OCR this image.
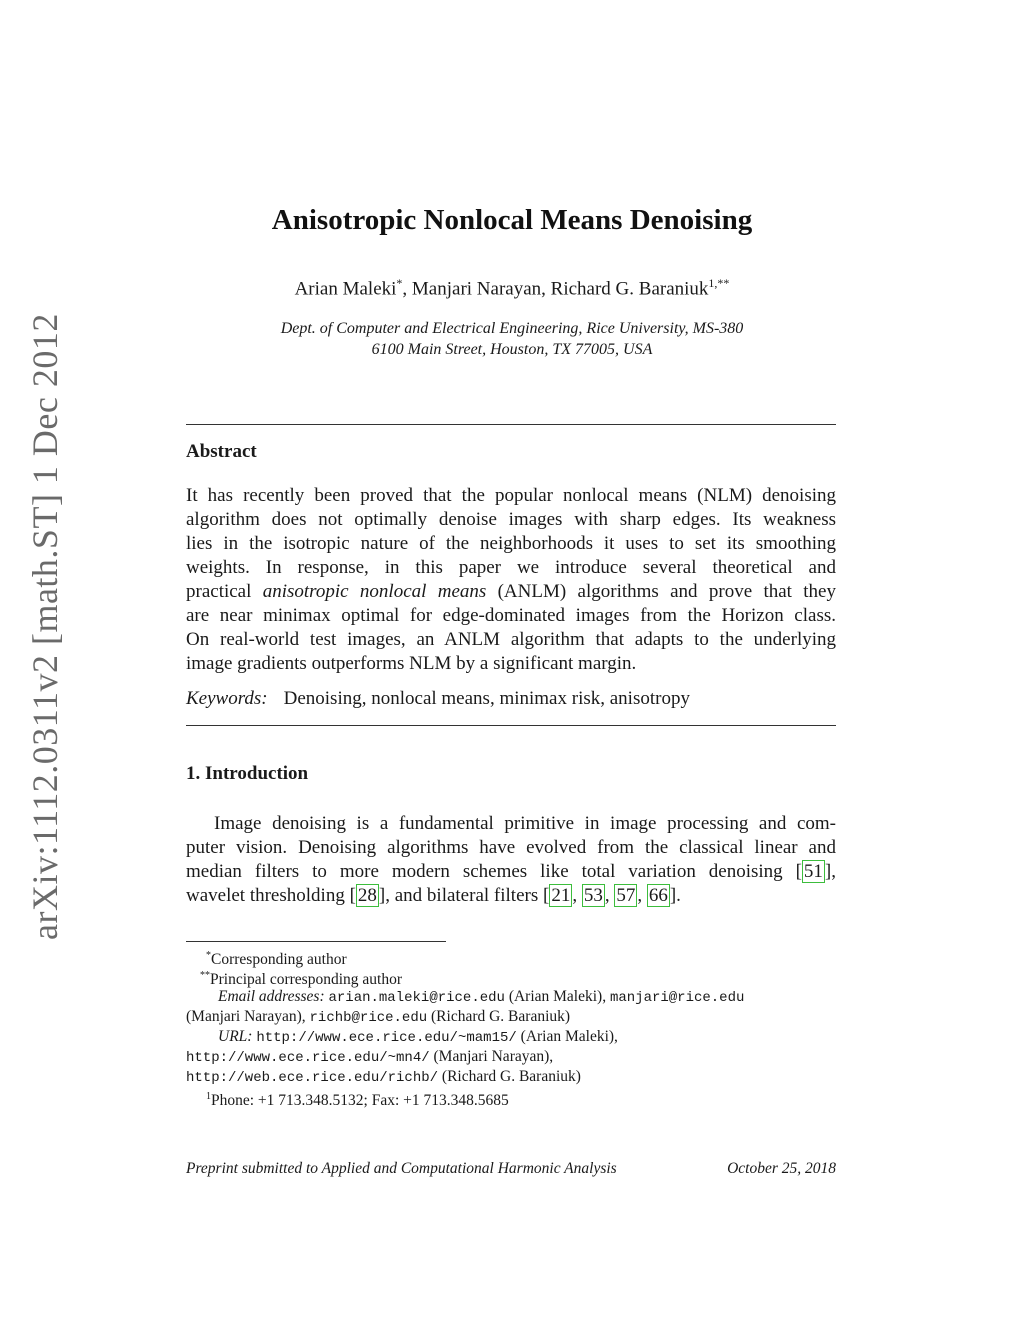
arXiv:1112.0311v2 [math.ST] 1 Dec 2012
Anisotropic Nonlocal Means Denoising
Arian Maleki*, Manjari Narayan, Richard G. Baraniuk$^{1,**}$
Dept. of Computer and Electrical Engineering, Rice University, MS-380
6100 Main Street, Houston, TX 77005, USA
Abstract
It has recently been proved that the popular nonlocal means (NLM) denoising
algorithm does not optimally denoise images with sharp edges. Its weakness
lies in the isotropic nature of the neighborhoods it uses to set its smoothing
weights. In response, in this paper we introduce several theoretical and
practical anisotropic nonlocal means (ANLM) algorithms and prove that they
are near minimax optimal for edge-dominated images from the Horizon class.
On real-world test images, an ANLM algorithm that adapts to the underlying
image gradients outperforms NLM by a significant margin.
Keywords: Denoising, nonlocal means, minimax risk, anisotropy
1. Introduction
Image denoising is a fundamental primitive in image processing and com-
puter vision. Denoising algorithms have evolved from the classical linear and
median filters to more modern schemes like total variation denoising [ 51 ],
wavelet thresholding [ 28 ], and bilateral filters [ 21 , 53 , 57 , 66 ].
*Corresponding author
**Principal corresponding author
Email addresses: arian.maleki@rice.edu (Arian Maleki), manjari@rice.edu
(Manjari Narayan), richb@rice.edu (Richard G. Baraniuk)
URL: http://www.ece.rice.edu/~mam15/ (Arian Maleki),
http://www.ece.rice.edu/~mn4/ (Manjari Narayan),
http://web.ece.rice.edu/richb/ (Richard G. Baraniuk)
$^1$Phone: +1 713.348.5132; Fax: +1 713.348.5685
Preprint submitted to Applied and Computational Harmonic Analysis	October 25, 2018
